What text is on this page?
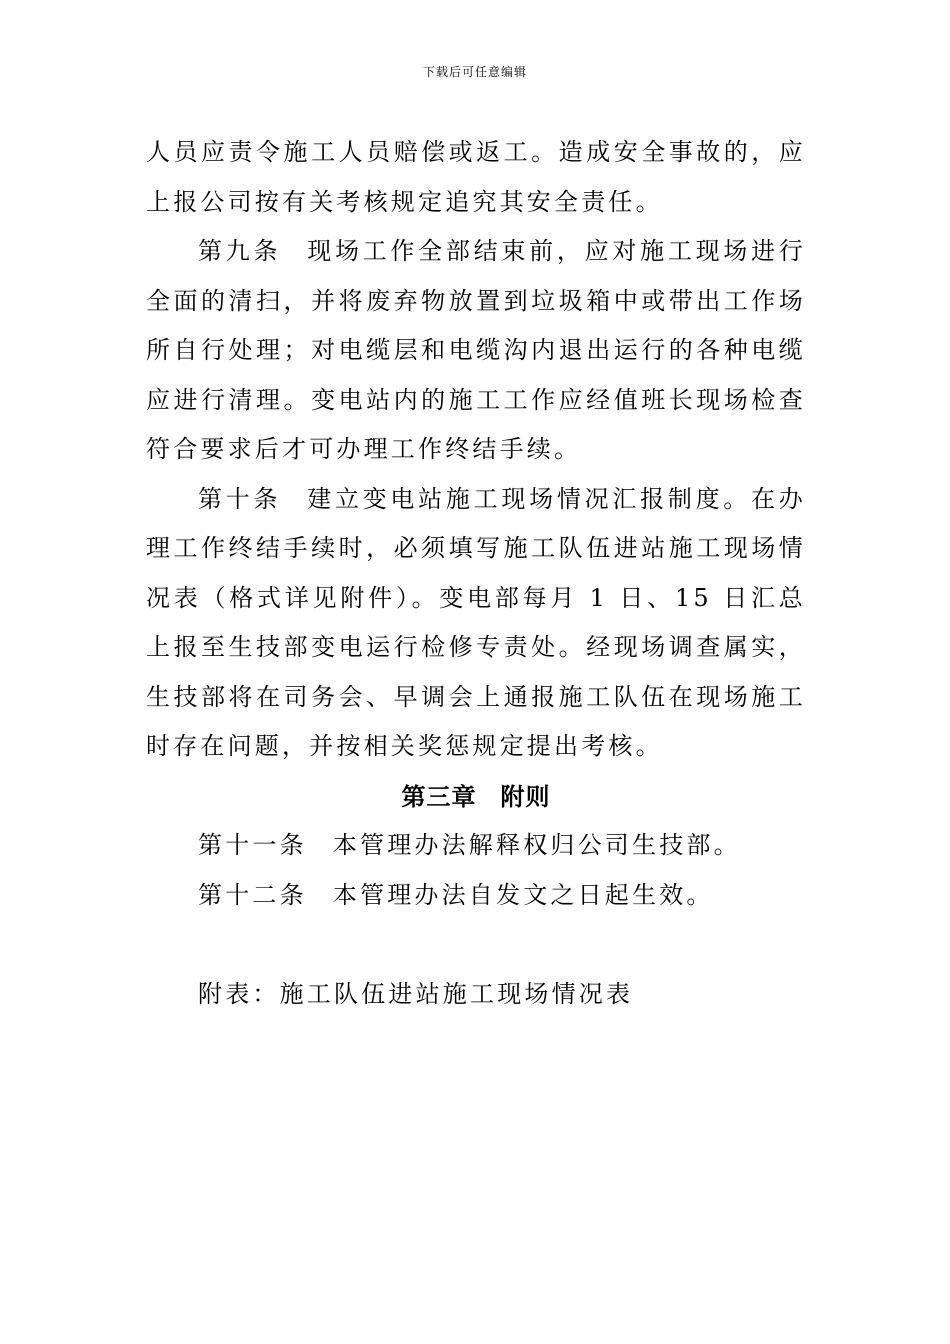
下载后可任意编辑

人员应责令施工人员赔偿或返工。造成安全事故的，应上报公司按有关考核规定追究其安全责任。

第九条 现场工作全部结束前，应对施工现场进行全面的清扫，并将废弃物放置到垃圾箱中或带出工作场所自行处理；对电缆层和电缆沟内退出运行的各种电缆应进行清理。变电站内的施工工作应经值班长现场检查符合要求后才可办理工作终结手续。

第十条 建立变电站施工现场情况汇报制度。在办理工作终结手续时，必须填写施工队伍进站施工现场情况表（格式详见附件）。变电部每月 1 日、15 日汇总上报至生技部变电运行检修专责处。经现场调查属实，生技部将在司务会、早调会上通报施工队伍在现场施工时存在问题，并按相关奖惩规定提出考核。

第三章 附则

第十一条 本管理办法解释权归公司生技部。

第十二条 本管理办法自发文之日起生效。

附表：施工队伍进站施工现场情况表
